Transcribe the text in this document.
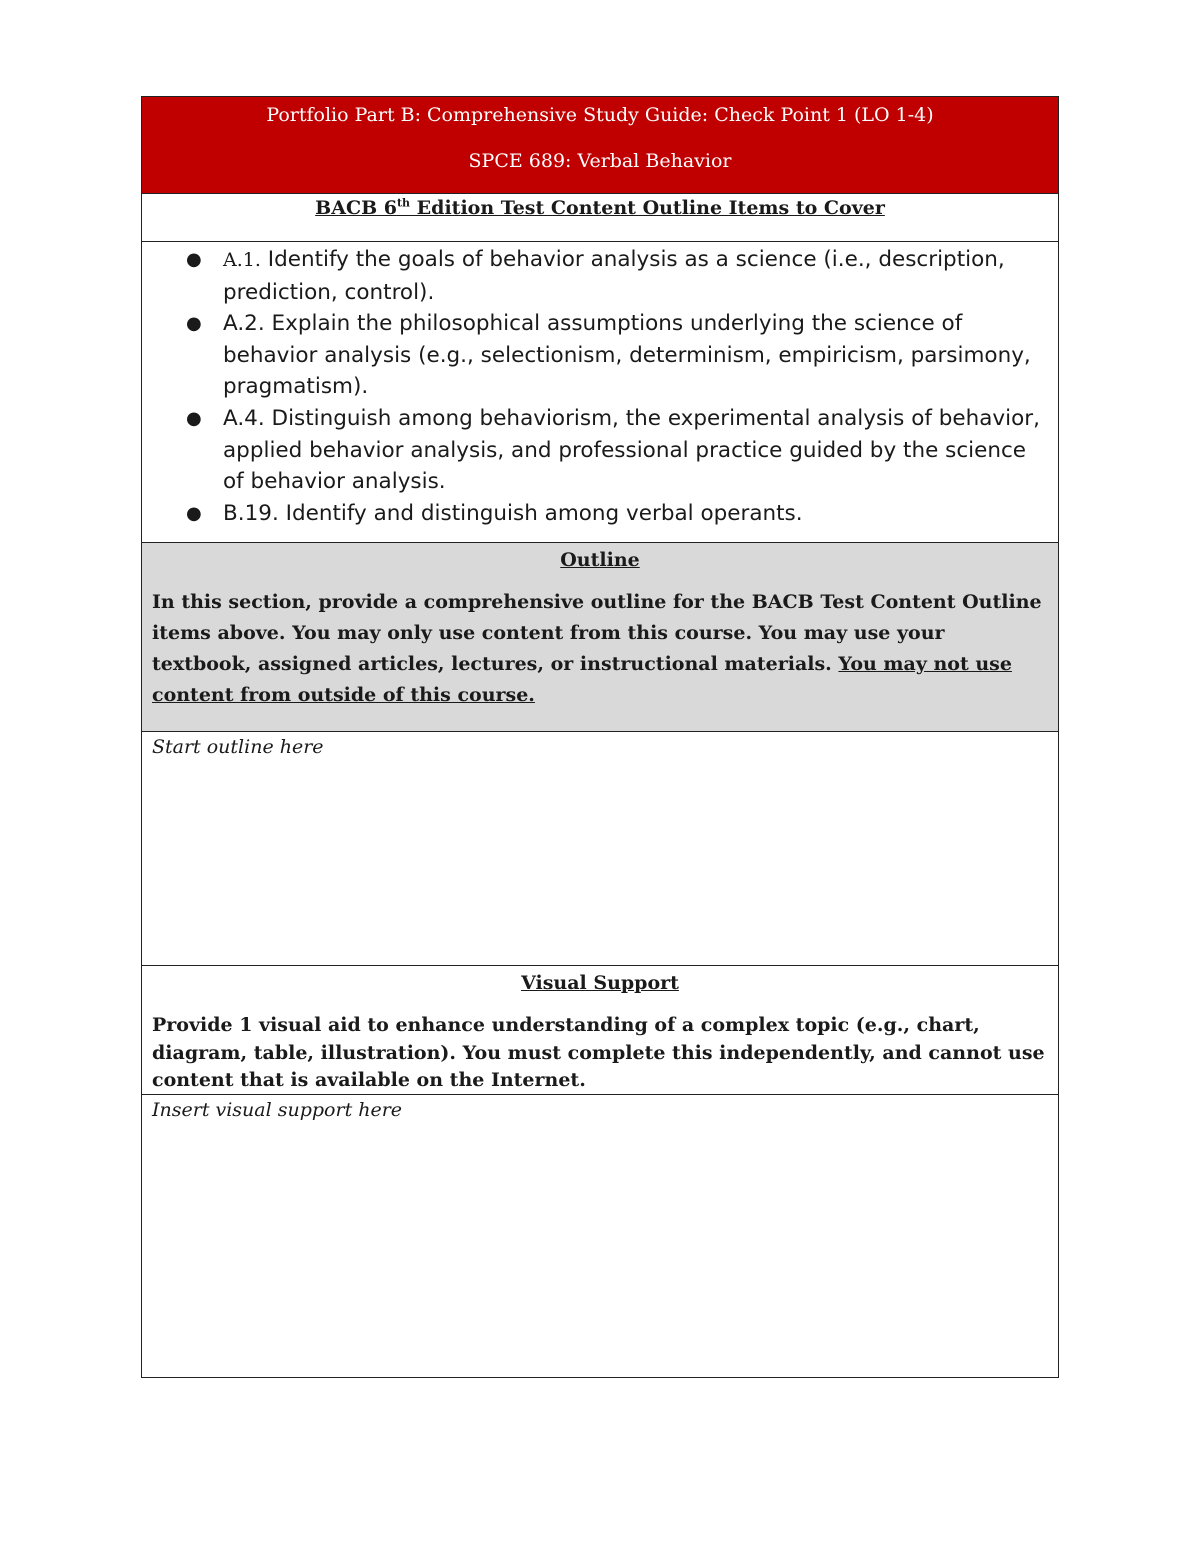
Portfolio Part B: Comprehensive Study Guide: Check Point 1 (LO 1-4)
SPCE 689: Verbal Behavior
BACB 6th Edition Test Content Outline Items to Cover
● A.1. Identify the goals of behavior analysis as a science (i.e., description, prediction, control).
● A.2. Explain the philosophical assumptions underlying the science of behavior analysis (e.g., selectionism, determinism, empiricism, parsimony, pragmatism).
● A.4. Distinguish among behaviorism, the experimental analysis of behavior, applied behavior analysis, and professional practice guided by the science of behavior analysis.
● B.19. Identify and distinguish among verbal operants.
Outline
In this section, provide a comprehensive outline for the BACB Test Content Outline items above. You may only use content from this course. You may use your textbook, assigned articles, lectures, or instructional materials. You may not use content from outside of this course.
Start outline here
Visual Support
Provide 1 visual aid to enhance understanding of a complex topic (e.g., chart, diagram, table, illustration). You must complete this independently, and cannot use content that is available on the Internet.
Insert visual support here
